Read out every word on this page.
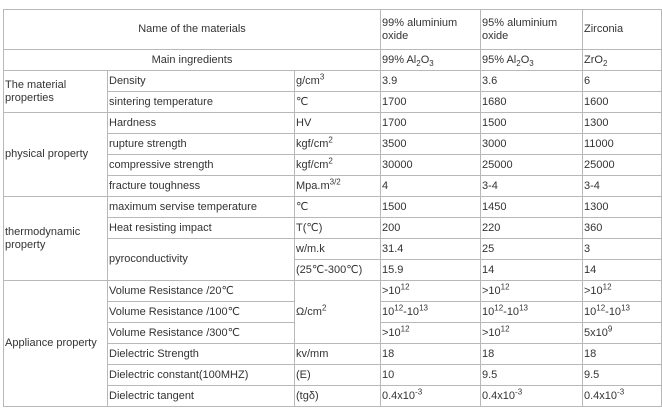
Name of the materials			99% aluminium oxide	95% aluminium oxide	Zirconia
Main ingredients			99% $Al_2O_3$	95% $Al_2O_3$	ZrO$_2$
The material properties	Density	$g/cm^3$	3.9	3.6	6
	sintering temperature	℃	1700	1680	1600
physical property	Hardness	HV	1700	1500	1300
	rupture strength	kgf/$cm^2$	3500	3000	11000
	compressive strength	kgf/$cm^2$	30000	25000	25000
	fracture toughness	$Mpa.m^{3/2}$	4	3-4	3-4
thermodynamic property	maximum servise temperature	℃	1500	1450	1300
	Heat resisting impact	T(℃)	200	220	360
	pyroconductivity	w/m.k	31.4	25	3
		(25℃-300℃)	15.9	14	14
Appliance property	Volume Resistance /20℃	$\Omega/cm^2$	$>10^{12}$	$>10^{12}$	$>10^{12}$
	Volume Resistance /100℃		$10^{12}-10^{13}$	$10^{12}-10^{13}$	$10^{12}-10^{13}$
	Volume Resistance /300℃		$>10^{12}$	$>10^{12}$	$5x10^9$
	Dielectric Strength	kv/mm	18	18	18
	Dielectric constant(100MHZ)	(E)	10	9.5	9.5
	Dielectric tangent	(tgδ)	$0.4x10^{-3}$	$0.4x10^{-3}$	$0.4x10^{-3}$
